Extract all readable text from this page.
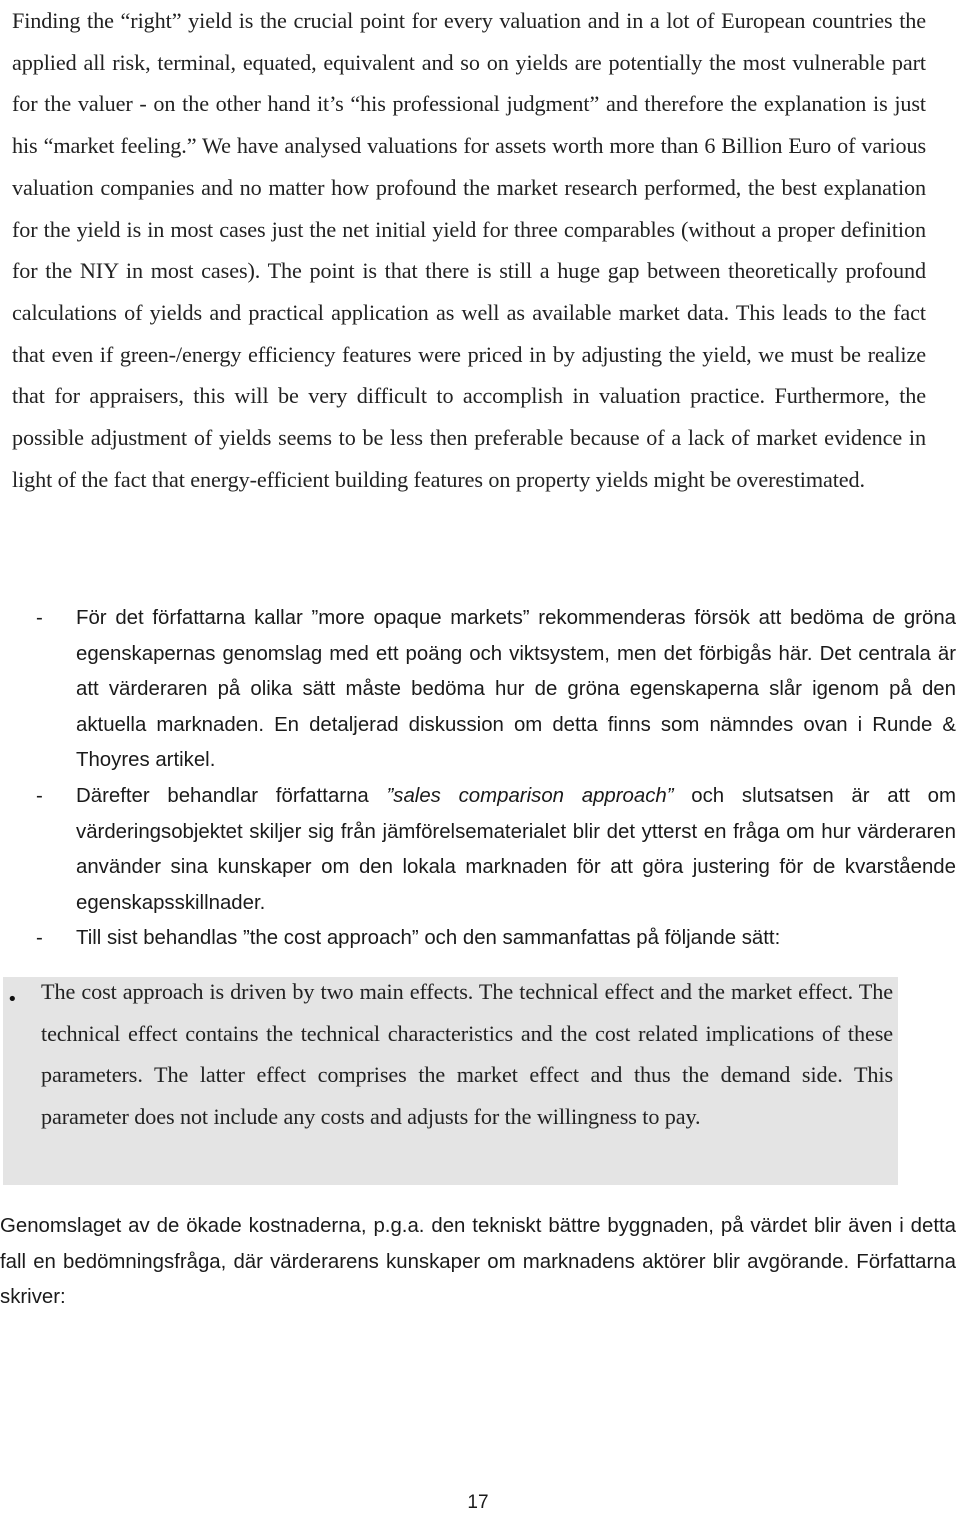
Finding the “right” yield is the crucial point for every valuation and in a lot of European countries the applied all risk, terminal, equated, equivalent and so on yields are potentially the most vulnerable part for the valuer - on the other hand it’s “his professional judgment” and therefore the explanation is just his “market feeling.” We have analysed valuations for assets worth more than 6 Billion Euro of various valuation companies and no matter how profound the market research performed, the best explanation for the yield is in most cases just the net initial yield for three comparables (without a proper definition for the NIY in most cases). The point is that there is still a huge gap between theoretically profound calculations of yields and practical application as well as available market data. This leads to the fact that even if green-/energy efficiency features were priced in by adjusting the yield, we must be realize that for appraisers, this will be very difficult to accomplish in valuation practice. Furthermore, the possible adjustment of yields seems to be less then preferable because of a lack of market evidence in light of the fact that energy-efficient building features on property yields might be overestimated.
- För det författarna kallar ”more opaque markets” rekommenderas försök att bedöma de gröna egenskapernas genomslag med ett poäng och viktsystem, men det förbigås här. Det centrala är att värderaren på olika sätt måste bedöma hur de gröna egenskaperna slår igenom på den aktuella marknaden. En detaljerad diskussion om detta finns som nämndes ovan i Runde & Thoyres artikel.
- Därefter behandlar författarna ”sales comparison approach” och slutsatsen är att om värderingsobjektet skiljer sig från jämförelsematerialet blir det ytterst en fråga om hur värderaren använder sina kunskaper om den lokala marknaden för att göra justering för de kvarstående egenskapsskillnader.
- Till sist behandlas ”the cost approach” och den sammanfattas på följande sätt:
• The cost approach is driven by two main effects. The technical effect and the market effect. The technical effect contains the technical characteristics and the cost related implications of these parameters. The latter effect comprises the market effect and thus the demand side. This parameter does not include any costs and adjusts for the willingness to pay.

Genomslaget av de ökade kostnaderna, p.g.a. den tekniskt bättre byggnaden, på värdet blir även i detta fall en bedömningsfråga, där värderarens kunskaper om marknadens aktörer blir avgörande. Författarna skriver:

17
